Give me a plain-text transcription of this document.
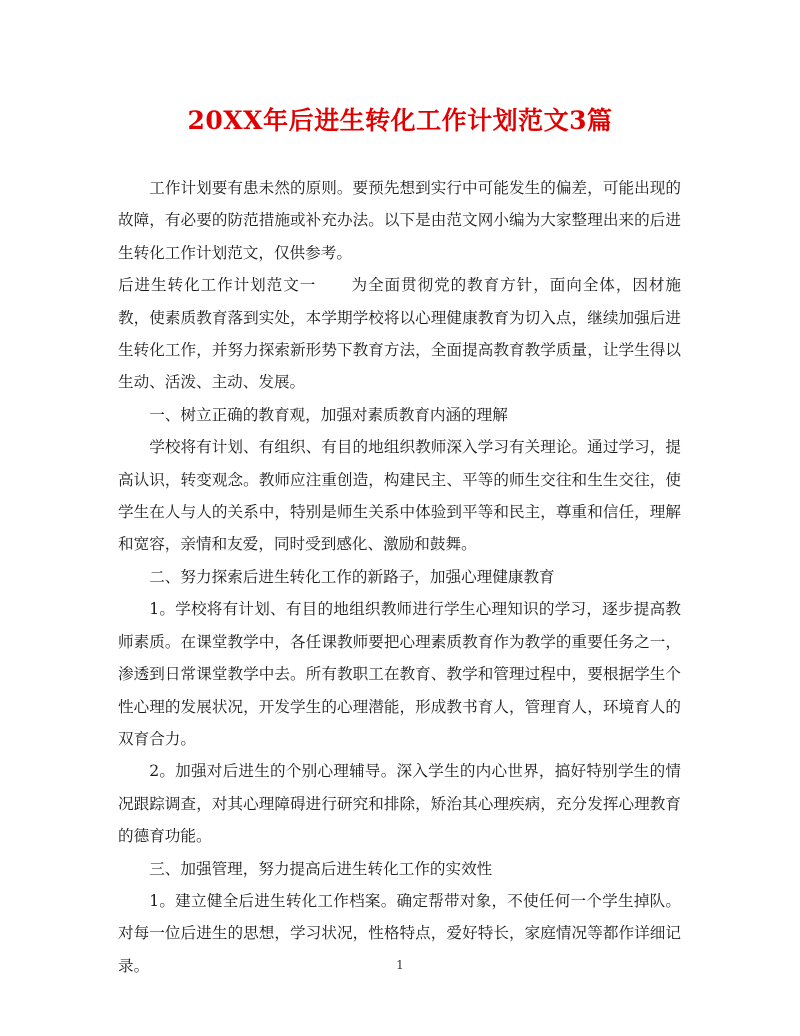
20XX年后进生转化工作计划范文3篇

工作计划要有患未然的原则。要预先想到实行中可能发生的偏差，可能出现的故障，有必要的防范措施或补充办法。以下是由范文网小编为大家整理出来的后进生转化工作计划范文，仅供参考。

后进生转化工作计划范文一 为全面贯彻党的教育方针，面向全体，因材施教，使素质教育落到实处，本学期学校将以心理健康教育为切入点，继续加强后进生转化工作，并努力探索新形势下教育方法，全面提高教育教学质量，让学生得以生动、活泼、主动、发展。

一、树立正确的教育观，加强对素质教育内涵的理解

学校将有计划、有组织、有目的地组织教师深入学习有关理论。通过学习，提高认识，转变观念。教师应注重创造，构建民主、平等的师生交往和生生交往，使学生在人与人的关系中，特别是师生关系中体验到平等和民主，尊重和信任，理解和宽容，亲情和友爱，同时受到感化、激励和鼓舞。

二、努力探索后进生转化工作的新路子，加强心理健康教育

1。学校将有计划、有目的地组织教师进行学生心理知识的学习，逐步提高教师素质。在课堂教学中，各任课教师要把心理素质教育作为教学的重要任务之一，渗透到日常课堂教学中去。所有教职工在教育、教学和管理过程中，要根据学生个性心理的发展状况，开发学生的心理潜能，形成教书育人，管理育人，环境育人的双育合力。

2。加强对后进生的个别心理辅导。深入学生的内心世界，搞好特别学生的情况跟踪调查，对其心理障碍进行研究和排除，矫治其心理疾病，充分发挥心理教育的德育功能。

三、加强管理，努力提高后进生转化工作的实效性

1。建立健全后进生转化工作档案。确定帮带对象，不使任何一个学生掉队。对每一位后进生的思想，学习状况，性格特点，爱好特长，家庭情况等都作详细记录。	1
